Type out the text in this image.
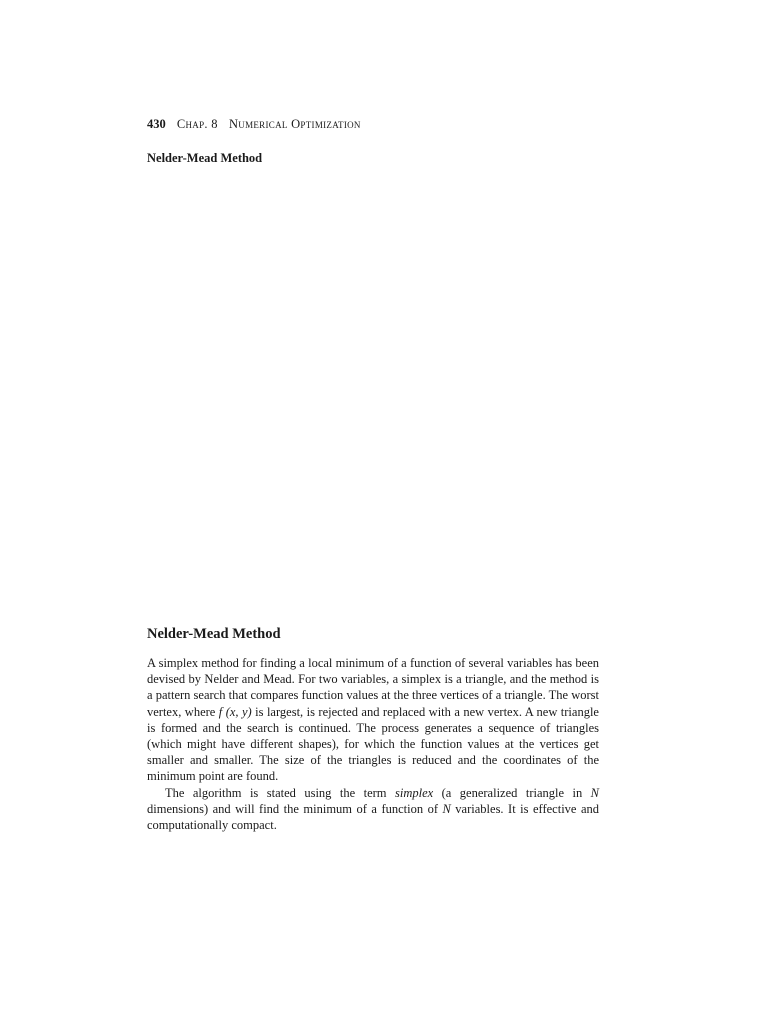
430 Chap. 8 Numerical Optimization
Nelder-Mead Method
Nelder-Mead Method

A simplex method for finding a local minimum of a function of several variables has been devised by Nelder and Mead. For two variables, a simplex is a triangle, and the method is a pattern search that compares function values at the three vertices of a triangle. The worst vertex, where f (x, y) is largest, is rejected and replaced with a new vertex. A new triangle is formed and the search is continued. The process generates a sequence of triangles (which might have different shapes), for which the function values at the vertices get smaller and smaller. The size of the triangles is reduced and the coordinates of the minimum point are found.

The algorithm is stated using the term simplex (a generalized triangle in N dimensions) and will find the minimum of a function of N variables. It is effective and computationally compact.
